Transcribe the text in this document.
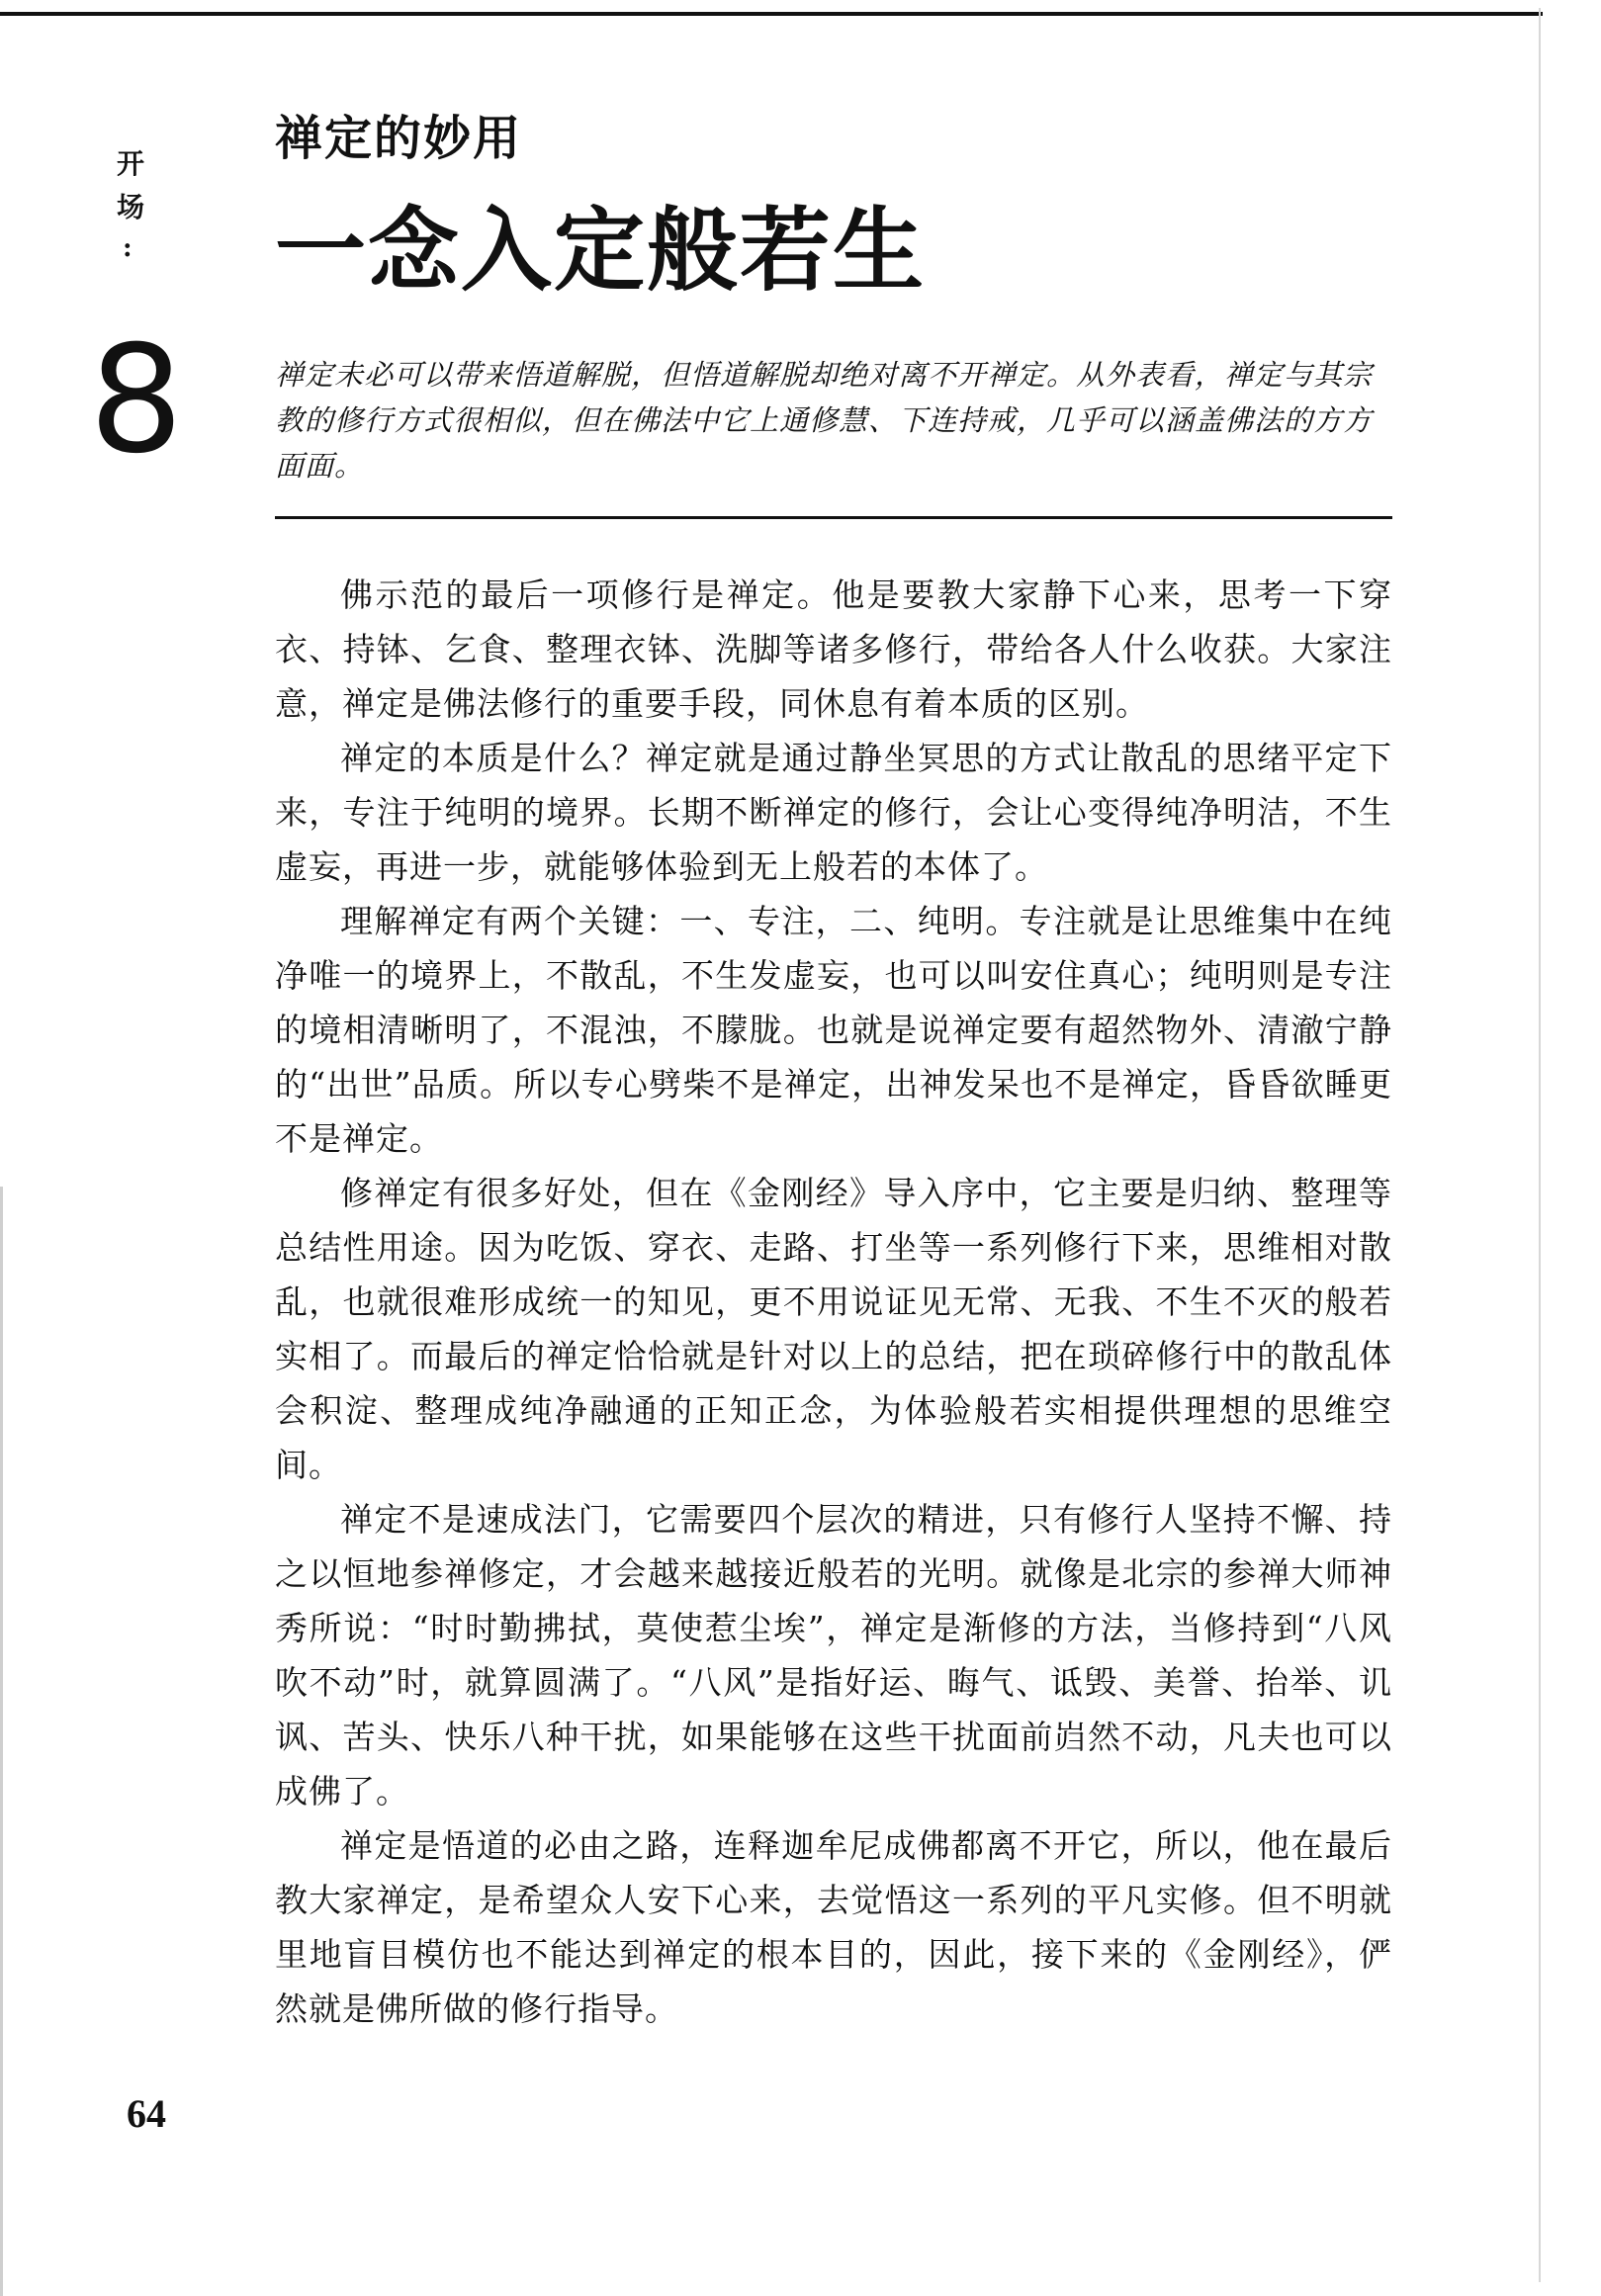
开
场
:
8
禅定的妙用
一念入定般若生
禅定未必可以带来悟道解脱，但悟道解脱却绝对离不开禅定。从外表看，禅定与其宗教的修行方式很相似，但在佛法中它上通修慧、下连持戒，几乎可以涵盖佛法的方方面面。

佛示范的最后一项修行是禅定。他是要教大家静下心来，思考一下穿衣、持钵、乞食、整理衣钵、洗脚等诸多修行，带给各人什么收获。大家注意，禅定是佛法修行的重要手段，同休息有着本质的区别。

禅定的本质是什么？禅定就是通过静坐冥思的方式让散乱的思绪平定下来，专注于纯明的境界。长期不断禅定的修行，会让心变得纯净明洁，不生虚妄，再进一步，就能够体验到无上般若的本体了。

理解禅定有两个关键：一、专注，二、纯明。专注就是让思维集中在纯净唯一的境界上，不散乱，不生发虚妄，也可以叫安住真心；纯明则是专注的境相清晰明了，不混浊，不朦胧。也就是说禅定要有超然物外、清澈宁静的“出世”品质。所以专心劈柴不是禅定，出神发呆也不是禅定，昏昏欲睡更不是禅定。

修禅定有很多好处，但在《金刚经》导入序中，它主要是归纳、整理等总结性用途。因为吃饭、穿衣、走路、打坐等一系列修行下来，思维相对散乱，也就很难形成统一的知见，更不用说证见无常、无我、不生不灭的般若实相了。而最后的禅定恰恰就是针对以上的总结，把在琐碎修行中的散乱体会积淀、整理成纯净融通的正知正念，为体验般若实相提供理想的思维空间。

禅定不是速成法门，它需要四个层次的精进，只有修行人坚持不懈、持之以恒地参禅修定，才会越来越接近般若的光明。就像是北宗的参禅大师神秀所说：“时时勤拂拭，莫使惹尘埃”，禅定是渐修的方法，当修持到“八风吹不动”时，就算圆满了。“八风”是指好运、晦气、诋毁、美誉、抬举、讥讽、苦头、快乐八种干扰，如果能够在这些干扰面前岿然不动，凡夫也可以成佛了。

禅定是悟道的必由之路，连释迦牟尼成佛都离不开它，所以，他在最后教大家禅定，是希望众人安下心来，去觉悟这一系列的平凡实修。但不明就里地盲目模仿也不能达到禅定的根本目的，因此，接下来的《金刚经》，俨然就是佛所做的修行指导。

64
